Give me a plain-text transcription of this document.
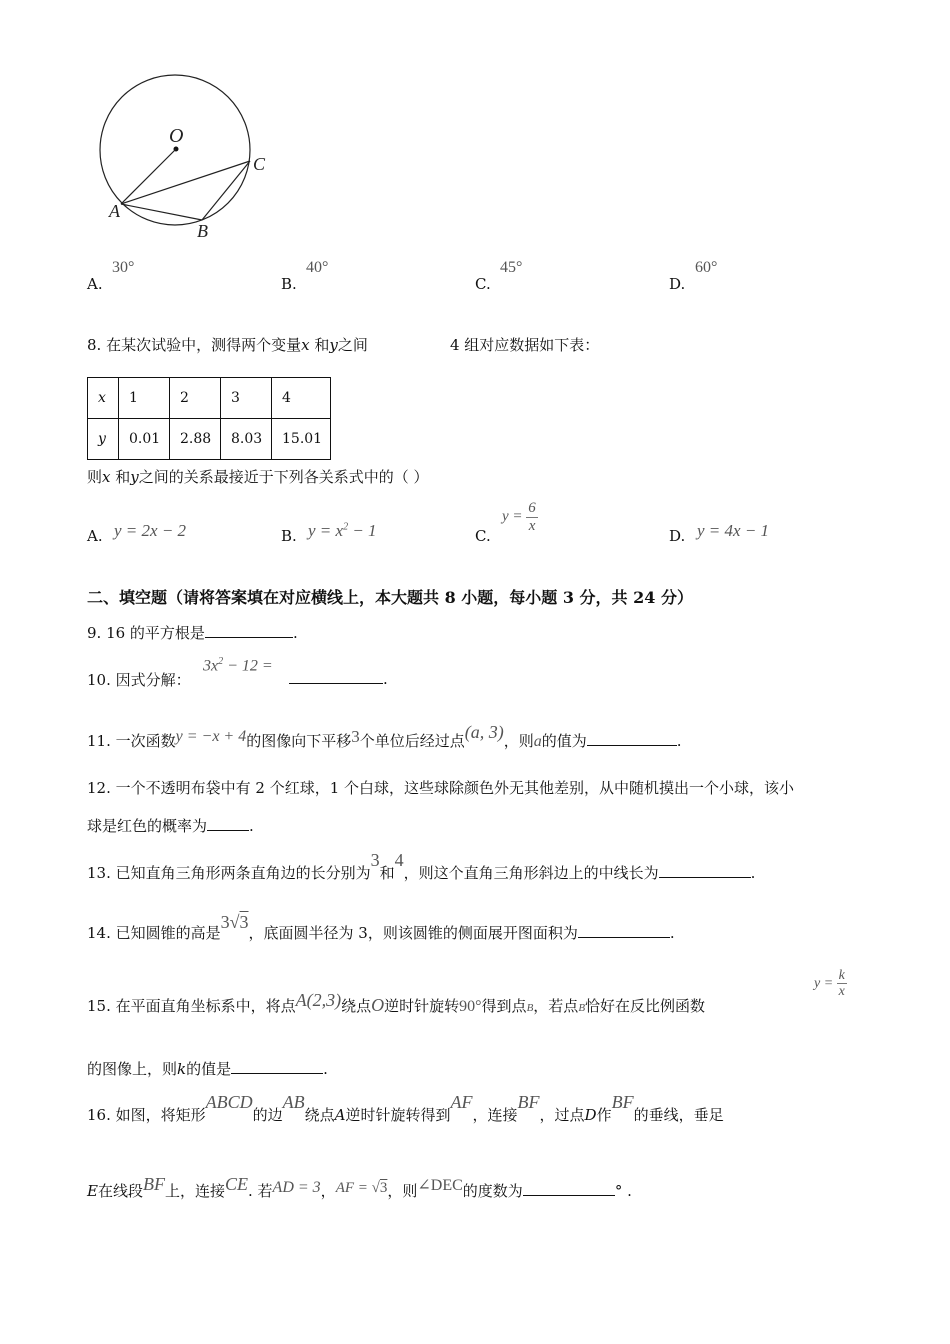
O
A
B
C
A.
30°
B.
40°
C.
45°
D.
60°
8. 在某次试验中，测得两个变量x 和y之间	4 组对应数据如下表：
x	1	2	3	4
y	0.01	2.88	8.03	15.01
则x 和y之间的关系最接近于下列各关系式中的（ ）
A. y = 2x − 2	B. $y = x^2 - 1$	C.
$y = \frac{6}{x}$
D. y = 4x − 1
二、填空题（请将答案填在对应横线上，本大题共 8 小题，每小题 3 分，共 24 分）
9. 16 的平方根是	.
10. 因式分解：
$3x^2 - 12$ =
.
11. 一次函数y = −x + 4的图像向下平移3个单位后经过点(a, 3)，则a的值为	.
12. 一个不透明布袋中有 2 个红球，1 个白球，这些球除颜色外无其他差别，从中随机摸出一个小球，该小
球是红色的概率为	.
13. 已知直角三角形两条直角边的长分别为3和4，则这个直角三角形斜边上的中线长为	.
14. 已知圆锥的高是3√3，底面圆半径为 3，则该圆锥的侧面展开图面积为	.
15. 在平面直角坐标系中，将点A(2,3)绕点O逆时针旋转90°得到点B，若点B恰好在反比例函数
$y = \frac{k}{x}$
的图像上，则k的值是	.
16. 如图，将矩形ABCD的边AB绕点A逆时针旋转得到AF，连接BF，过点D作BF的垂线，垂足
E在线段BF上，连接CE. 若AD = 3，AF = √3，则∠DEC的度数为	° .
